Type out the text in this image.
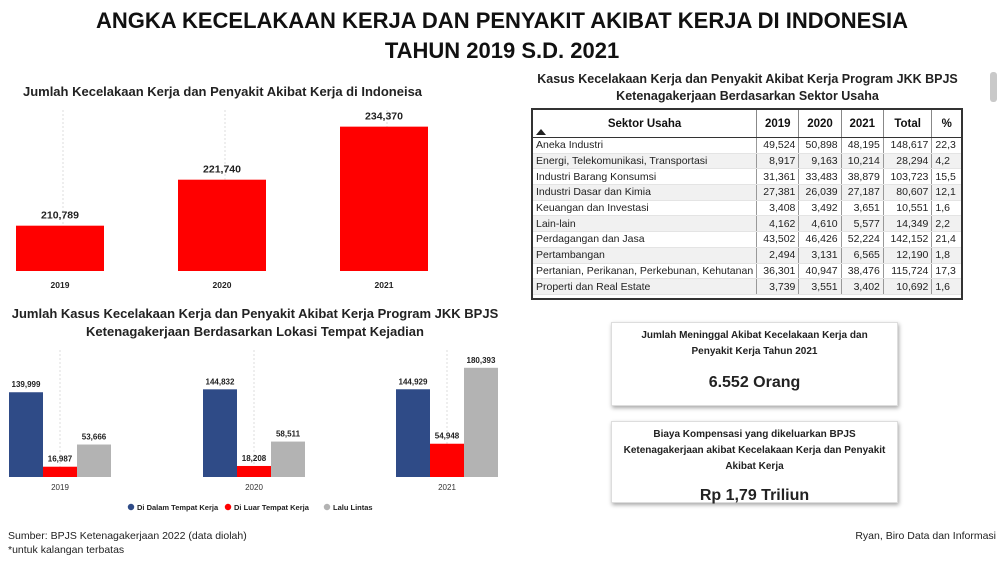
ANGKA KECELAKAAN KERJA DAN PENYAKIT AKIBAT KERJA DI INDONESIA
TAHUN 2019 S.D. 2021
Jumlah Kecelakaan Kerja dan Penyakit Akibat Kerja di Indoneisa
210,789
2019
221,740
2020
234,370
2021
Jumlah Kasus Kecelakaan Kerja dan Penyakit Akibat Kerja Program JKK BPJS
Ketenagakerjaan Berdasarkan Lokasi Tempat Kejadian
139,999
16,987
53,666
2019
144,832
18,208
58,511
2020
144,929
54,948
180,393
2021
Di Dalam Tempat Kerja Di Luar Tempat Kerja	Lalu Lintas
Kasus Kecelakaan Kerja dan Penyakit Akibat Kerja Program JKK BPJS
Ketenagakerjaan Berdasarkan Sektor Usaha
Sektor Usaha	2019	2020	2021	Total	%
Aneka Industri	49,524	50,898	48,195	148,617	22,3
Energi, Telekomunikasi, Transportasi	8,917	9,163	10,214	28,294	4,2
Industri Barang Konsumsi	31,361	33,483	38,879	103,723	15,5
Industri Dasar dan Kimia	27,381	26,039	27,187	80,607	12,1
Keuangan dan Investasi	3,408	3,492	3,651	10,551	1,6
Lain-lain	4,162	4,610	5,577	14,349	2,2
Perdagangan dan Jasa	43,502	46,426	52,224	142,152	21,4
Pertambangan	2,494	3,131	6,565	12,190	1,8
Pertanian, Perikanan, Perkebunan, Kehutanan	36,301	40,947	38,476	115,724	17,3
Properti dan Real Estate	3,739	3,551	3,402	10,692	1,6
Jumlah Meninggal Akibat Kecelakaan Kerja dan Penyakit Kerja Tahun 2021
6.552 Orang
Biaya Kompensasi yang dikeluarkan BPJS Ketenagakerjaan akibat Kecelakaan Kerja dan Penyakit Akibat Kerja
Rp 1,79 Triliun
Sumber: BPJS Ketenagakerjaan 2022 (data diolah)
*untuk kalangan terbatas
Ryan, Biro Data dan Informasi
